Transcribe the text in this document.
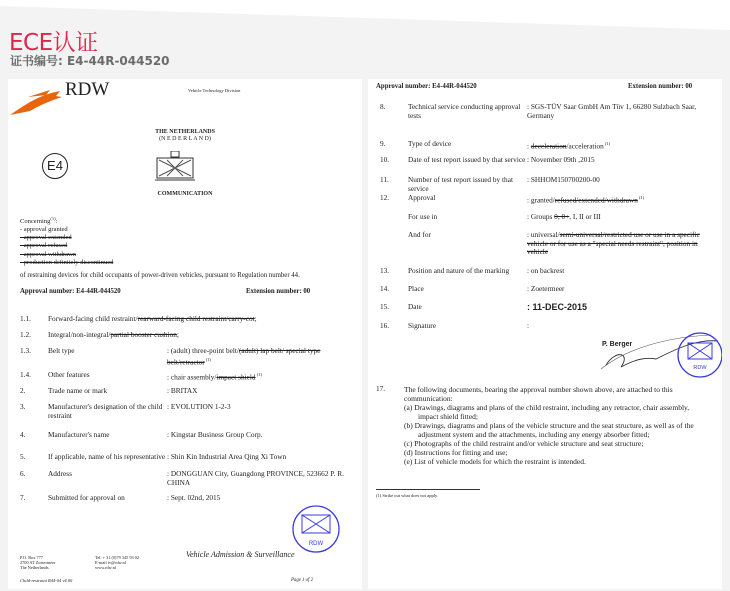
ECE认证
证书编号: E4-44R-044520
RDW	Vehicle Technology Division
THE NETHERLANDS
(N E D E R L A N D)
E4
COMMUNICATION
Concerning$^{(1)}$:
- approval granted
- approval extended
- approval refused
- approval withdrawn
- production definitely discontinued
of restraining devices for child occupants of power-driven vehicles, pursuant to Regulation number 44.
Approval number: E4-44R-044520	Extension number: 00
1.1. Forward-facing child restraint/rearward-facing child restraint/carry-cot;
1.2. Integral/non-integral/partial booster cushion;
1.3. Belt type	: (adult) three-point belt/(adult) lap belt/ special type belt/retractor $^{(1)}$
1.4. Other features	: chair assembly/impact shield $^{(1)}$
2.	Trade name or mark	: BRITAX
3.	Manufacturer's designation of the child restraint
: EVOLUTION 1-2-3
4.	Manufacturer's name	: Kingstar Business Group Corp.
5.	If applicable, name of his representative : Shin Kin Industrial Area Qing Xi Town
6.	Address	: DONGGUAN City, Guangdong PROVINCE, 523662 P. R. CHINA
7.	Submitted for approval on	: Sept. 02nd, 2015
RDW
P.O. Box 777
2700 AT Zoetermeer
The Netherlands
Tel. + 31 (0)79 345 93 02
E-mail tv@rdw.nl
www.rdw.nl
Vehicle Admission & Surveillance
Child-restraint R44-04 v4.00	Page 1 of 2
Approval number: E4-44R-044520	Extension number: 00
8.	Technical service conducting approval tests
: SGS-TÜV Saar GmbH Am Tüv 1, 66280 Sulzbach Saar, Germany
9.	Type of device	: deceleration/acceleration $^{(1)}$
10.	Date of test report issued by that service : November 09th ,2015
11.	Number of test report issued by that service
: SHHOM150700200-00
12.	Approval	: granted/refused/extended/withdrawn $^{(1)}$
For use in	: Groups 0, 0+, I, II or III
And for	: universal/semi-universal/restricted use or use in a specific vehicle or for use as a "special needs restraint", position in vehicle
13.	Position and nature of the marking	: on backrest
14.	Place	: Zoetermeer
15.	Date	: 11-DEC-2015
16.	Signature	:
RDW
P. Berger
17.	The following documents, bearing the approval number shown above, are attached to this communication:
(a) Drawings, diagrams and plans of the child restraint, including any retractor, chair assembly, impact shield fitted;
(b) Drawings, diagrams and plans of the vehicle structure and the seat structure, as well as of the adjustment system and the attachments, including any energy absorber fitted;
(c) Photographs of the child restraint and/or vehicle structure and seat structure;
(d) Instructions for fitting and use;
(e) List of vehicle models for which the restraint is intended.
(1) Strike out what does not apply.
